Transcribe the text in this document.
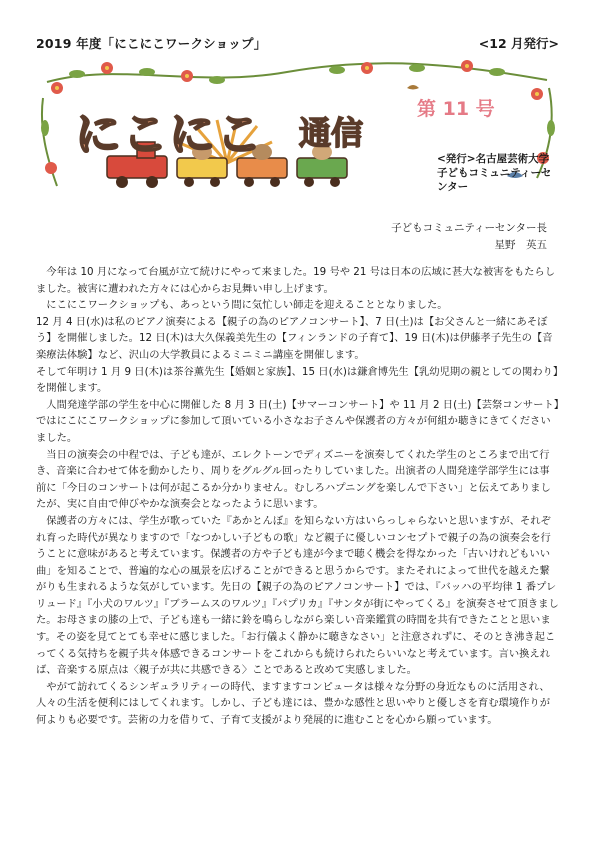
2019 年度「にこにこワークショップ」	<12 月発行>
にこにこ 通信
第 11 号
<発行>名古屋芸術大学
子どもコミュニティーセンター
子どもコミュニティーセンター長
星野　英五

今年は 10 月になって台風が立て続けにやって来ました。19 号や 21 号は日本の広域に甚大な被害をもたらしました。被害に遭われた方々には心からお見舞い申し上げます。

にこにこワークショップも、あっという間に気忙しい師走を迎えることとなりました。

12 月 4 日(水)は私のピアノ演奏による【親子の為のピアノコンサート】、7 日(土)は【お父さんと一緒にあそぼう】を開催しました。12 日(木)は大久保義美先生の【フィンランドの子育て】、19 日(木)は伊藤孝子先生の【音楽療法体験】など、沢山の大学教員によるミニミニ講座を開催します。

そして年明け 1 月 9 日(木)は茶谷薫先生【婚姻と家族】、15 日(水)は鎌倉博先生【乳幼児期の親としての関わり】を開催します。

人間発達学部の学生を中心に開催した 8 月 3 日(土)【サマーコンサート】や 11 月 2 日(土)【芸祭コンサート】ではにこにこワークショップに参加して頂いている小さなお子さんや保護者の方々が何組か聴きにきてくださいました。

当日の演奏会の中程では、子ども達が、エレクトーンでディズニーを演奏してくれた学生のところまで出て行き、音楽に合わせて体を動かしたり、周りをグルグル回ったりしていました。出演者の人間発達学部学生には事前に「今日のコンサートは何が起こるか分かりません。むしろハプニングを楽しんで下さい」と伝えてありましたが、実に自由で伸びやかな演奏会となったように思います。

保護者の方々には、学生が歌っていた『あかとんぼ』を知らない方はいらっしゃらないと思いますが、それぞれ育った時代が異なりますので「なつかしい子どもの歌」など親子に優しいコンセプトで親子の為の演奏会を行うことに意味があると考えています。保護者の方や子ども達が今まで聴く機会を得なかった「古いけれどもいい曲」を知ることで、普遍的な心の風景を広げることができると思うからです。またそれによって世代を越えた繋がりも生まれるような気がしています。先日の【親子の為のピアノコンサート】では、『バッハの平均律 1 番プレリュード』『小犬のワルツ』『ブラームスのワルツ』『パプリカ』『サンタが街にやってくる』を演奏させて頂きました。お母さまの膝の上で、子ども達も一緒に鈴を鳴らしながら楽しい音楽鑑賞の時間を共有できたことと思います。その姿を見てとても幸せに感じました。「お行儀よく静かに聴きなさい」と注意されずに、そのとき沸き起こってくる気持ちを親子共々体感できるコンサートをこれからも続けられたらいいなと考えています。言い換えれば、音楽する原点は〈親子が共に共感できる〉ことであると改めて実感しました。

やがて訪れてくるシンギュラリティーの時代、ますますコンピュータは様々な分野の身近なものに活用され、人々の生活を便利にはしてくれます。しかし、子ども達には、豊かな感性と思いやりと優しさを育む環境作りが何よりも必要です。芸術の力を借りて、子育て支援がより発展的に進むことを心から願っています。
